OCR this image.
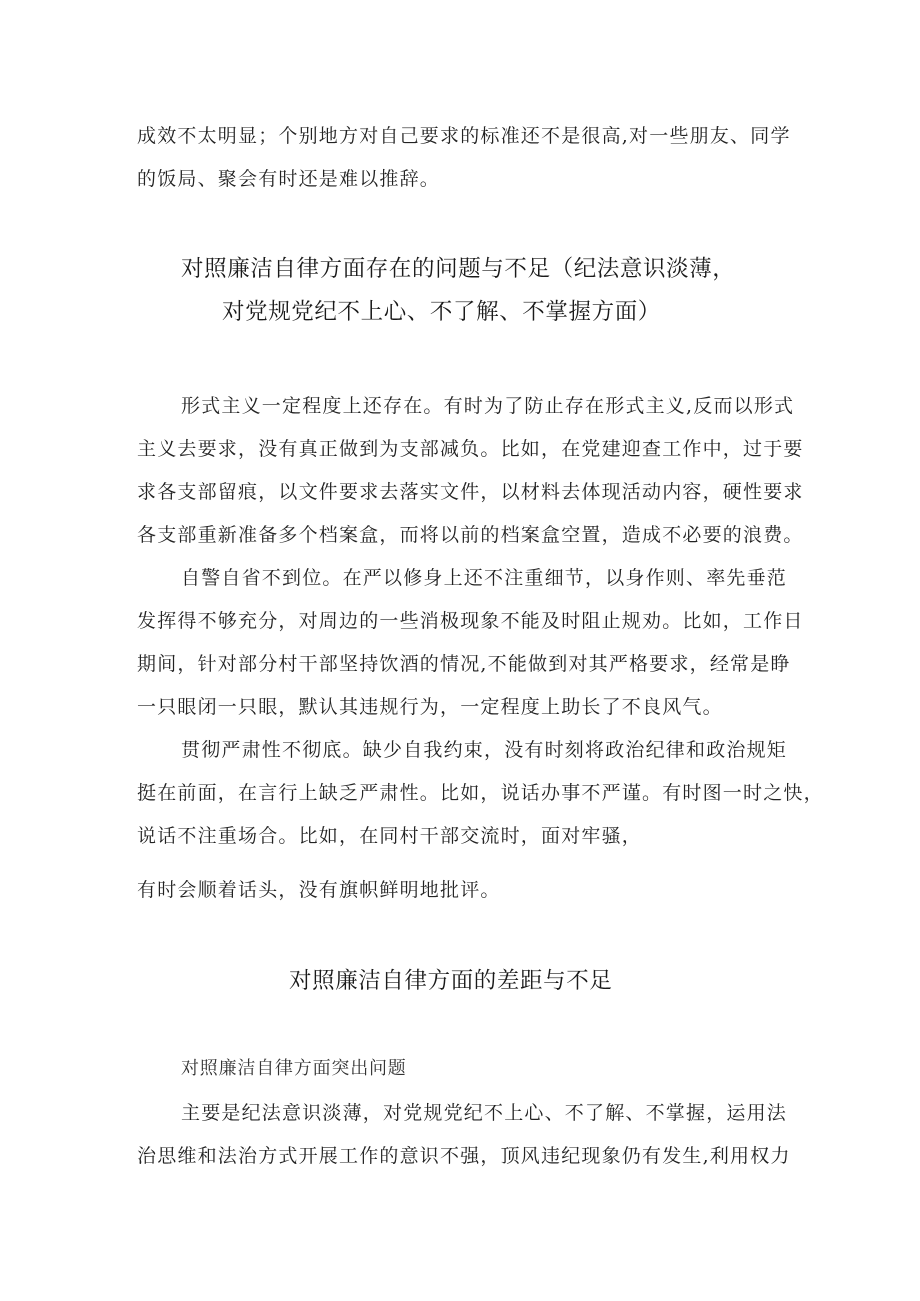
成效不太明显；个别地方对自己要求的标准还不是很高,对一些朋友、同学
的饭局、聚会有时还是难以推辞。
对照廉洁自律方面存在的问题与不足（纪法意识淡薄，
对党规党纪不上心、不了解、不掌握方面）
形式主义一定程度上还存在。有时为了防止存在形式主义,反而以形式
主义去要求，没有真正做到为支部减负。比如，在党建迎查工作中，过于要
求各支部留痕，以文件要求去落实文件，以材料去体现活动内容，硬性要求
各支部重新准备多个档案盒，而将以前的档案盒空置，造成不必要的浪费。
自警自省不到位。在严以修身上还不注重细节，以身作则、率先垂范
发挥得不够充分，对周边的一些消极现象不能及时阻止规劝。比如，工作日
期间，针对部分村干部坚持饮酒的情况,不能做到对其严格要求，经常是睁
一只眼闭一只眼，默认其违规行为，一定程度上助长了不良风气。
贯彻严肃性不彻底。缺少自我约束，没有时刻将政治纪律和政治规矩
挺在前面，在言行上缺乏严肃性。比如，说话办事不严谨。有时图一时之快，
说话不注重场合。比如，在同村干部交流时，面对牢骚，
有时会顺着话头，没有旗帜鲜明地批评。
对照廉洁自律方面的差距与不足
对照廉洁自律方面突出问题
主要是纪法意识淡薄，对党规党纪不上心、不了解、不掌握，运用法
治思维和法治方式开展工作的意识不强，顶风违纪现象仍有发生,利用权力
